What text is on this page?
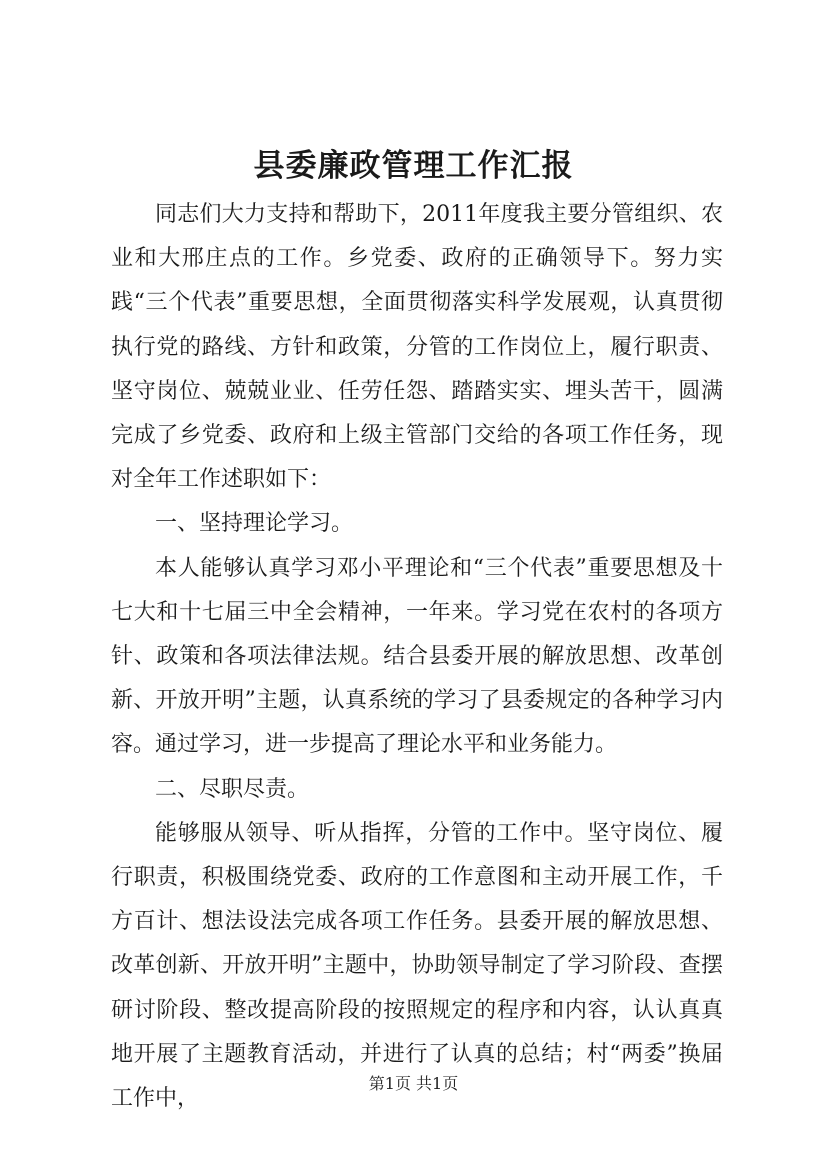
县委廉政管理工作汇报

同志们大力支持和帮助下，2011年度我主要分管组织、农业和大邢庄点的工作。乡党委、政府的正确领导下。努力实践“三个代表”重要思想，全面贯彻落实科学发展观，认真贯彻执行党的路线、方针和政策，分管的工作岗位上，履行职责、坚守岗位、兢兢业业、任劳任怨、踏踏实实、埋头苦干，圆满完成了乡党委、政府和上级主管部门交给的各项工作任务，现对全年工作述职如下：

一、坚持理论学习。

本人能够认真学习邓小平理论和“三个代表”重要思想及十七大和十七届三中全会精神，一年来。学习党在农村的各项方针、政策和各项法律法规。结合县委开展的解放思想、改革创新、开放开明”主题，认真系统的学习了县委规定的各种学习内容。通过学习，进一步提高了理论水平和业务能力。

二、尽职尽责。

能够服从领导、听从指挥，分管的工作中。坚守岗位、履行职责，积极围绕党委、政府的工作意图和主动开展工作，千方百计、想法设法完成各项工作任务。县委开展的解放思想、改革创新、开放开明”主题中，协助领导制定了学习阶段、查摆研讨阶段、整改提高阶段的按照规定的程序和内容，认认真真地开展了主题教育活动，并进行了认真的总结；村“两委”换届工作中，

第1页 共1页
